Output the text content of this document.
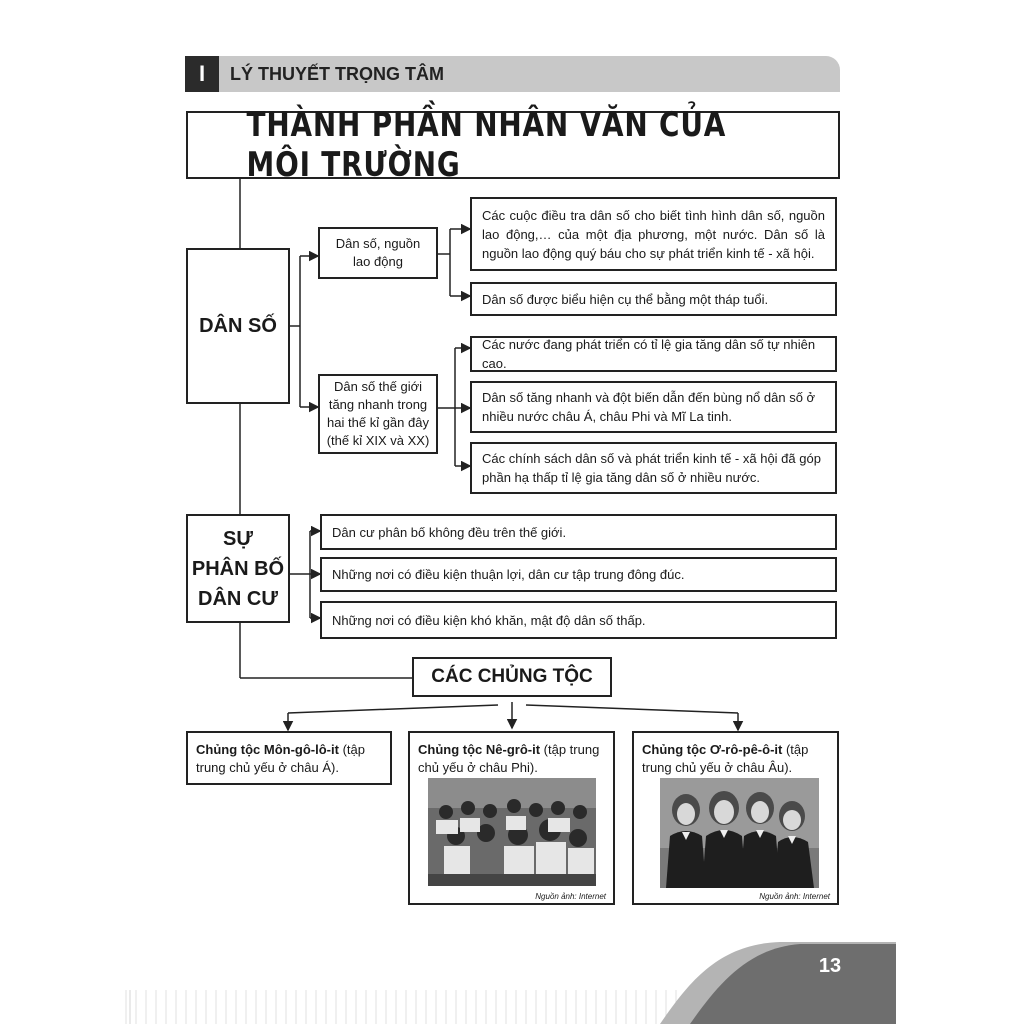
I	LÝ THUYẾT TRỌNG TÂM
THÀNH PHẦN NHÂN VĂN CỦA MÔI TRƯỜNG
DÂN SỐ
Dân số, nguồn lao động
Dân số thế giới tăng nhanh trong hai thế kỉ gần đây (thế kỉ XIX và XX)
Các cuộc điều tra dân số cho biết tình hình dân số, nguồn lao động,… của một địa phương, một nước. Dân số là nguồn lao động quý báu cho sự phát triển kinh tế - xã hội.
Dân số được biểu hiện cụ thể bằng một tháp tuổi.
Các nước đang phát triển có tỉ lệ gia tăng dân số tự nhiên cao.
Dân số tăng nhanh và đột biến dẫn đến bùng nổ dân số ở nhiều nước châu Á, châu Phi và Mĩ La tinh.
Các chính sách dân số và phát triển kinh tế - xã hội đã góp phần hạ thấp tỉ lệ gia tăng dân số ở nhiều nước.
SỰ
PHÂN BỐ
DÂN CƯ
Dân cư phân bố không đều trên thế giới.
Những nơi có điều kiện thuận lợi, dân cư tập trung đông đúc.
Những nơi có điều kiện khó khăn, mật độ dân số thấp.
CÁC CHỦNG TỘC
Chủng tộc Môn-gô-lô-it (tập trung chủ yếu ở châu Á).
Chủng tộc Nê-grô-it (tập trung chủ yếu ở châu Phi).
Nguồn ảnh: Internet
Chủng tộc Ơ-rô-pê-ô-it (tập trung chủ yếu ở châu Âu).
Nguồn ảnh: Internet
13
